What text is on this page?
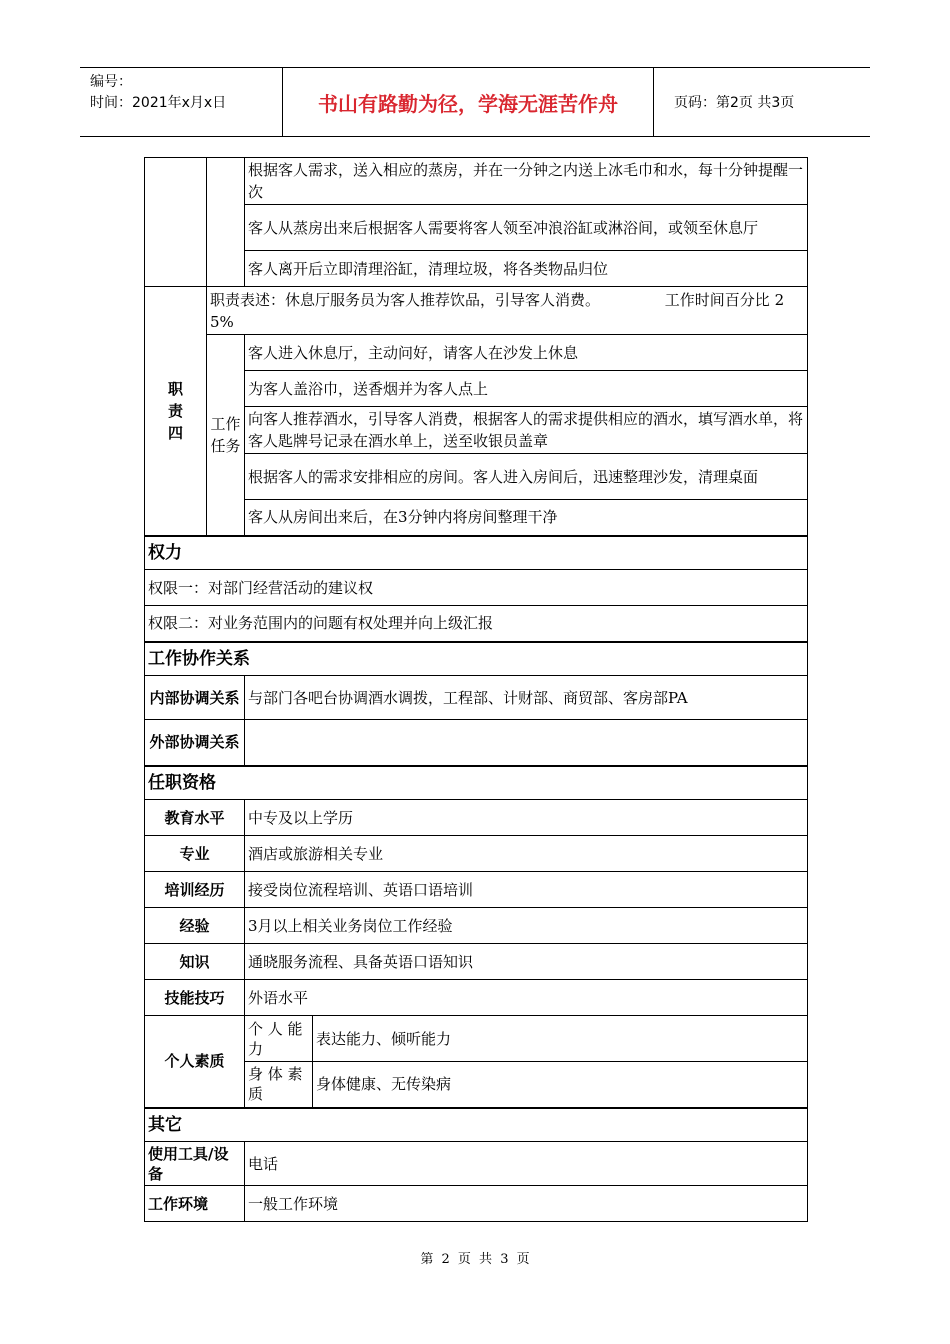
编号：
时间：2021年x月x日	书山有路勤为径，学海无涯苦作舟	页码：第2页 共3页
		根据客人需求，送入相应的蒸房，并在一分钟之内送上冰毛巾和水，每十分钟提醒一次	
		客人从蒸房出来后根据客人需要将客人领至冲浪浴缸或淋浴间，或领至休息厅	
		客人离开后立即清理浴缸，清理垃圾，将各类物品归位	
职责四	职责表述：休息厅服务员为客人推荐饮品，引导客人消费。 工作时间百分比 25%		
	工作任务	客人进入休息厅，主动问好，请客人在沙发上休息	
		为客人盖浴巾，送香烟并为客人点上	
		向客人推荐酒水，引导客人消费，根据客人的需求提供相应的酒水，填写酒水单，将客人匙牌号记录在酒水单上，送至收银员盖章	
		根据客人的需求安排相应的房间。客人进入房间后，迅速整理沙发，清理桌面	
		客人从房间出来后，在3分钟内将房间整理干净	
权力			
权限一：对部门经营活动的建议权			
权限二：对业务范围内的问题有权处理并向上级汇报			
工作协作关系			
内部协调关系		与部门各吧台协调酒水调拨，工程部、计财部、商贸部、客房部PA	
外部协调关系			
任职资格			
教育水平		中专及以上学历	
专业		酒店或旅游相关专业	
培训经历		接受岗位流程培训、英语口语培训	
经验		3月以上相关业务岗位工作经验	
知识		通晓服务流程、具备英语口语知识	
技能技巧		外语水平	
个人素质		个 人 能 力	表达能力、倾听能力
		身 体 素 质	身体健康、无传染病
其它			
使用工具/设备		电话	
工作环境		一般工作环境	
第 2 页 共 3 页
